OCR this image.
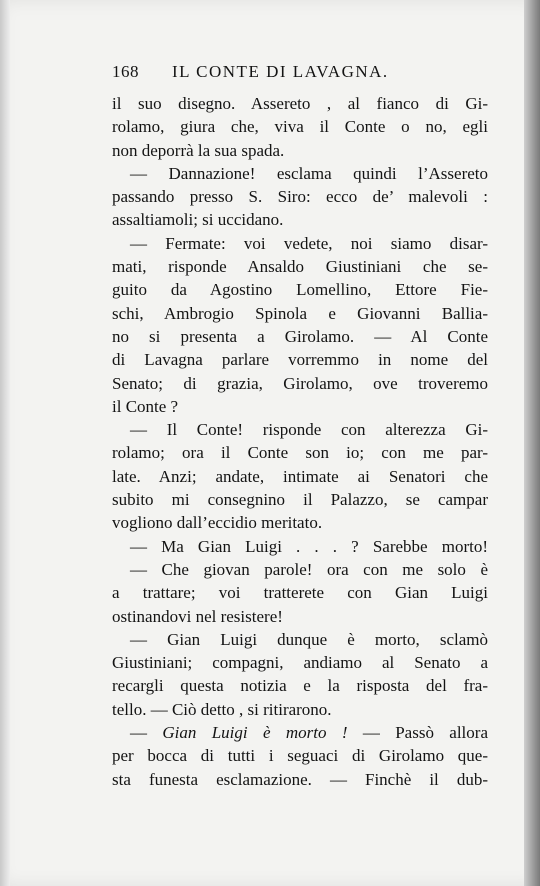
168	IL CONTE DI LAVAGNA.
il suo disegno. Assereto , al fianco di Gi-
rolamo, giura che, viva il Conte o no, egli
non deporrà la sua spada.
— Dannazione! esclama quindi l’Assereto
passando presso S. Siro: ecco de’ malevoli :
assaltiamoli; si uccidano.
— Fermate: voi vedete, noi siamo disar-
mati, risponde Ansaldo Giustiniani che se-
guito da Agostino Lomellino, Ettore Fie-
schi, Ambrogio Spinola e Giovanni Ballia-
no si presenta a Girolamo. — Al Conte
di Lavagna parlare vorremmo in nome del
Senato; di grazia, Girolamo, ove troveremo
il Conte ?
— Il Conte! risponde con alterezza Gi-
rolamo; ora il Conte son io; con me par-
late. Anzi; andate, intimate ai Senatori che
subito mi consegnino il Palazzo, se campar
vogliono dall’eccidio meritato.
— Ma Gian Luigi . . . ? Sarebbe morto!
— Che giovan parole! ora con me solo è
a trattare; voi tratterete con Gian Luigi
ostinandovi nel resistere!
— Gian Luigi dunque è morto, sclamò
Giustiniani; compagni, andiamo al Senato a
recargli questa notizia e la risposta del fra-
tello. — Ciò detto , si ritirarono.
— Gian Luigi è morto ! — Passò allora
per bocca di tutti i seguaci di Girolamo que-
sta funesta esclamazione. — Finchè il dub-
